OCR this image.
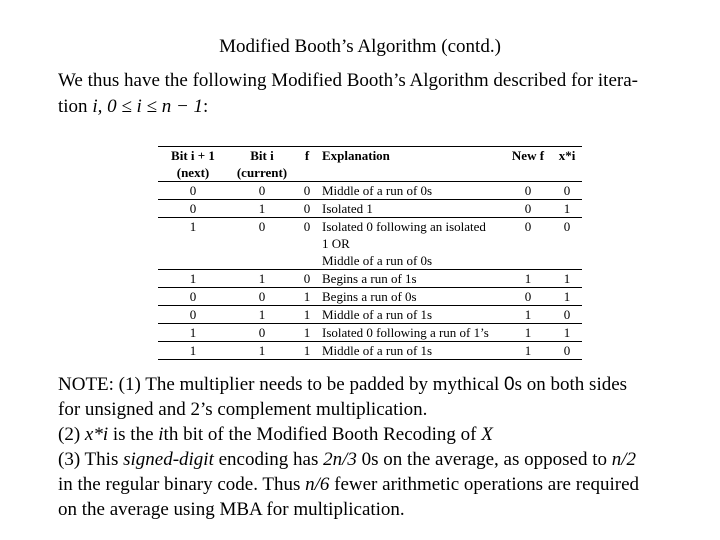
Modified Booth’s Algorithm (contd.)
We thus have the following Modified Booth’s Algorithm described for itera-
tion i, 0 ≤ i ≤ n − 1:
Bit i + 1	Bit i	f	Explanation	New f	x*i
(next)	(current)				
0	0	0	Middle of a run of 0s	0	0
0	1	0	Isolated 1	0	1
1	0	0	Isolated 0 following an isolated	0	0
			1 OR		
			Middle of a run of 0s		
1	1	0	Begins a run of 1s	1	1
0	0	1	Begins a run of 0s	0	1
0	1	1	Middle of a run of 1s	1	0
1	0	1	Isolated 0 following a run of 1’s	1	1
1	1	1	Middle of a run of 1s	1	0
NOTE: (1) The multiplier needs to be padded by mythical 0s on both sides
for unsigned and 2’s complement multiplication.
(2) x*i is the ith bit of the Modified Booth Recoding of X
(3) This signed-digit encoding has 2n/3 0s on the average, as opposed to n/2
in the regular binary code. Thus n/6 fewer arithmetic operations are required
on the average using MBA for multiplication.
